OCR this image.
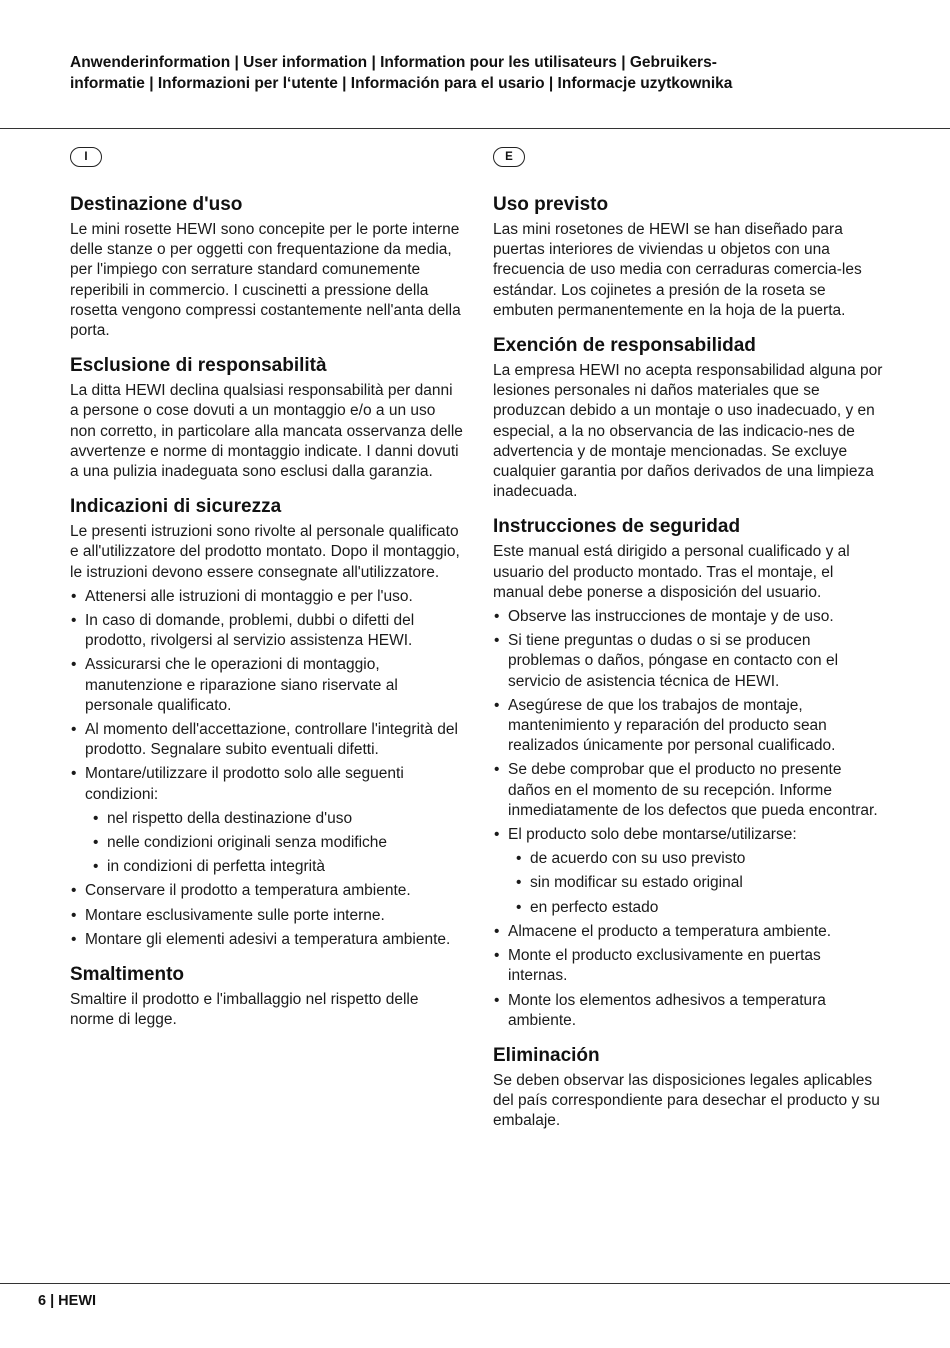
Anwenderinformation | User information | Information pour les utilisateurs | Gebruikers-
informatie | Informazioni per l‘utente | Información para el usario | Informacje uzytkownika
I
Destinazione d'uso

Le mini rosette HEWI sono concepite per le porte interne delle stanze o per oggetti con frequentazione da media, per l'impiego con serrature standard comunemente reperibili in commercio. I cuscinetti a pressione della rosetta vengono compressi costantemente nell'anta della porta.

Esclusione di responsabilità

La ditta HEWI declina qualsiasi responsabilità per danni a persone o cose dovuti a un montaggio e/o a un uso non corretto, in particolare alla mancata osservanza delle avvertenze e norme di montaggio indicate. I danni dovuti a una pulizia inadeguata sono esclusi dalla garanzia.

Indicazioni di sicurezza

Le presenti istruzioni sono rivolte al personale qualificato e all'utilizzatore del prodotto montato. Dopo il montaggio, le istruzioni devono essere consegnate all'utilizzatore.

• Attenersi alle istruzioni di montaggio e per l'uso.
• In caso di domande, problemi, dubbi o difetti del prodotto, rivolgersi al servizio assistenza HEWI.
• Assicurarsi che le operazioni di montaggio, manutenzione e riparazione siano riservate al personale qualificato.
• Al momento dell'accettazione, controllare l'integrità del prodotto. Segnalare subito eventuali difetti.
• Montare/utilizzare il prodotto solo alle seguenti condizioni:
• nel rispetto della destinazione d'uso
• nelle condizioni originali senza modifiche
• in condizioni di perfetta integrità
• Conservare il prodotto a temperatura ambiente.
• Montare esclusivamente sulle porte interne.
• Montare gli elementi adesivi a temperatura ambiente.
Smaltimento

Smaltire il prodotto e l'imballaggio nel rispetto delle norme di legge.

E
Uso previsto

Las mini rosetones de HEWI se han diseñado para puertas interiores de viviendas u objetos con una frecuencia de uso media con cerraduras comercia-les estándar. Los cojinetes a presión de la roseta se embuten permanentemente en la hoja de la puerta.

Exención de responsabilidad

La empresa HEWI no acepta responsabilidad alguna por lesiones personales ni daños materiales que se produzcan debido a un montaje o uso inadecuado, y en especial, a la no observancia de las indicacio-nes de advertencia y de montaje mencionadas. Se excluye cualquier garantia por daños derivados de una limpieza inadecuada.

Instrucciones de seguridad

Este manual está dirigido a personal cualificado y al usuario del producto montado. Tras el montaje, el manual debe ponerse a disposición del usuario.

• Observe las instrucciones de montaje y de uso.
• Si tiene preguntas o dudas o si se producen problemas o daños, póngase en contacto con el servicio de asistencia técnica de HEWI.
• Asegúrese de que los trabajos de montaje, mantenimiento y reparación del producto sean realizados únicamente por personal cualificado.
• Se debe comprobar que el producto no presente daños en el momento de su recepción. Informe inmediatamente de los defectos que pueda encontrar.
• El producto solo debe montarse/utilizarse:
• de acuerdo con su uso previsto
• sin modificar su estado original
• en perfecto estado
• Almacene el producto a temperatura ambiente.
• Monte el producto exclusivamente en puertas internas.
• Monte los elementos adhesivos a temperatura ambiente.
Eliminación

Se deben observar las disposiciones legales aplicables del país correspondiente para desechar el producto y su embalaje.

6 | HEWI
